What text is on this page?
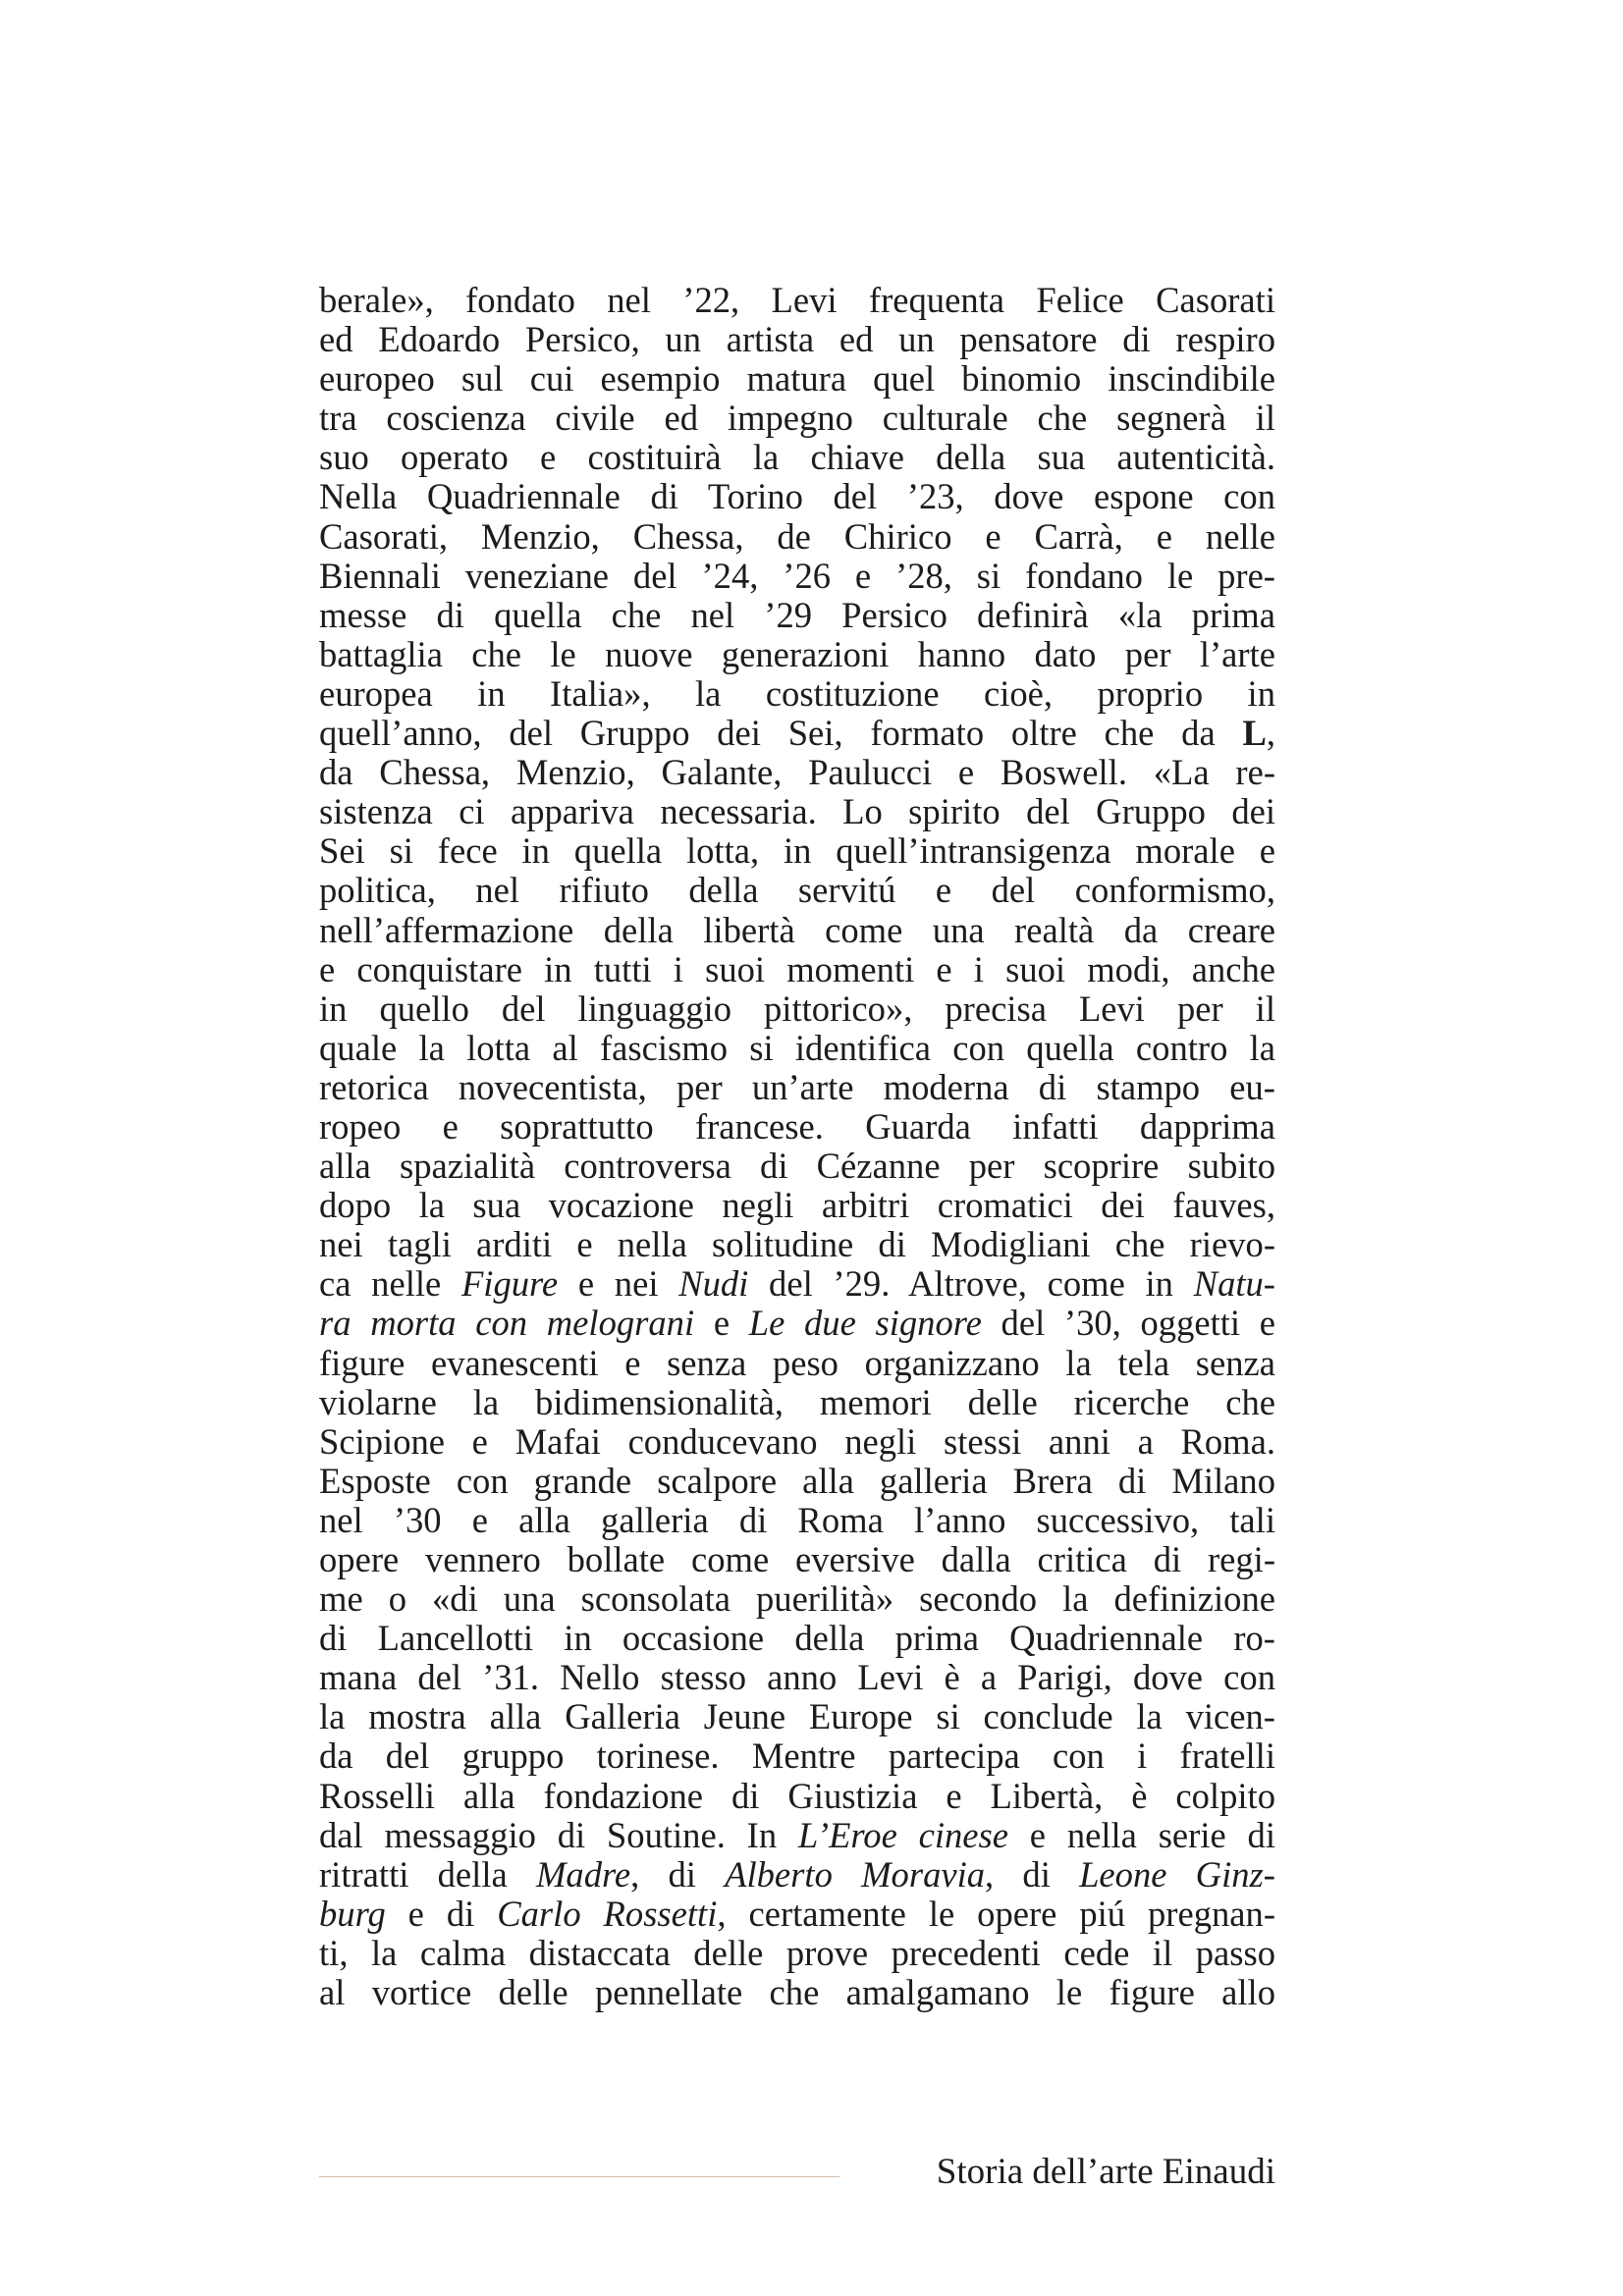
berale», fondato nel ’22, Levi frequenta Felice Casorati
ed Edoardo Persico, un artista ed un pensatore di respiro
europeo sul cui esempio matura quel binomio inscindibile
tra coscienza civile ed impegno culturale che segnerà il
suo operato e costituirà la chiave della sua autenticità.
Nella Quadriennale di Torino del ’23, dove espone con
Casorati, Menzio, Chessa, de Chirico e Carrà, e nelle
Biennali veneziane del ’24, ’26 e ’28, si fondano le pre-
messe di quella che nel ’29 Persico definirà «la prima
battaglia che le nuove generazioni hanno dato per l’arte
europea in Italia», la costituzione cioè, proprio in
quell’anno, del Gruppo dei Sei, formato oltre che da L,
da Chessa, Menzio, Galante, Paulucci e Boswell. «La re-
sistenza ci appariva necessaria. Lo spirito del Gruppo dei
Sei si fece in quella lotta, in quell’intransigenza morale e
politica, nel rifiuto della servitú e del conformismo,
nell’affermazione della libertà come una realtà da creare
e conquistare in tutti i suoi momenti e i suoi modi, anche
in quello del linguaggio pittorico», precisa Levi per il
quale la lotta al fascismo si identifica con quella contro la
retorica novecentista, per un’arte moderna di stampo eu-
ropeo e soprattutto francese. Guarda infatti dapprima
alla spazialità controversa di Cézanne per scoprire subito
dopo la sua vocazione negli arbitri cromatici dei fauves,
nei tagli arditi e nella solitudine di Modigliani che rievo-
ca nelle Figure e nei Nudi del ’29. Altrove, come in Natu-
ra morta con melograni e Le due signore del ’30, oggetti e
figure evanescenti e senza peso organizzano la tela senza
violarne la bidimensionalità, memori delle ricerche che
Scipione e Mafai conducevano negli stessi anni a Roma.
Esposte con grande scalpore alla galleria Brera di Milano
nel ’30 e alla galleria di Roma l’anno successivo, tali
opere vennero bollate come eversive dalla critica di regi-
me o «di una sconsolata puerilità» secondo la definizione
di Lancellotti in occasione della prima Quadriennale ro-
mana del ’31. Nello stesso anno Levi è a Parigi, dove con
la mostra alla Galleria Jeune Europe si conclude la vicen-
da del gruppo torinese. Mentre partecipa con i fratelli
Rosselli alla fondazione di Giustizia e Libertà, è colpito
dal messaggio di Soutine. In L’Eroe cinese e nella serie di
ritratti della Madre, di Alberto Moravia, di Leone Ginz-
burg e di Carlo Rossetti, certamente le opere piú pregnan-
ti, la calma distaccata delle prove precedenti cede il passo
al vortice delle pennellate che amalgamano le figure allo
Storia dell’arte Einaudi
